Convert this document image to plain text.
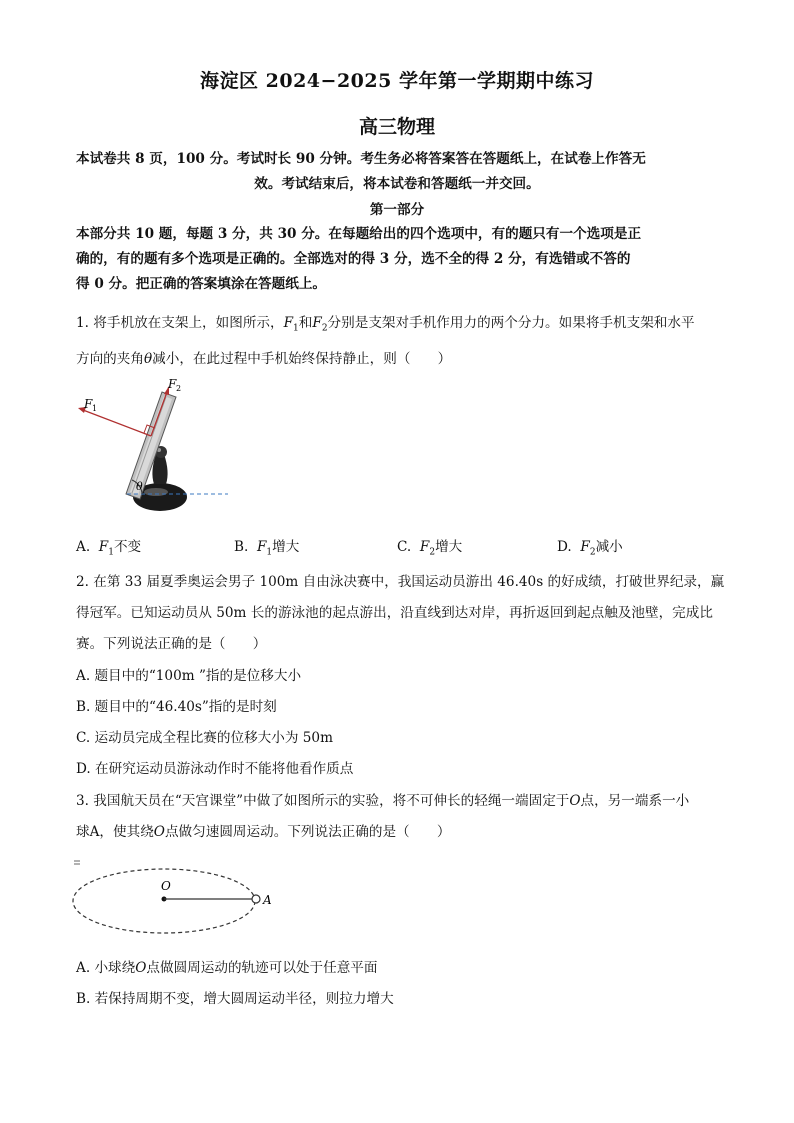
海淀区 2024−2025 学年第一学期期中练习
高三物理
本试卷共 8 页，100 分。考试时长 90 分钟。考生务必将答案答在答题纸上，在试卷上作答无
效。考试结束后，将本试卷和答题纸一并交回。
第一部分
本部分共 10 题，每题 3 分，共 30 分。在每题给出的四个选项中，有的题只有一个选项是正
确的，有的题有多个选项是正确的。全部选对的得 3 分，选不全的得 2 分，有选错或不答的
得 0 分。把正确的答案填涂在答题纸上。
1. 将手机放在支架上，如图所示，$F_1$和$F_2$分别是支架对手机作用力的两个分力。如果将手机支架和水平
方向的夹角θ减小，在此过程中手机始终保持静止，则（　　）
θ
F 2
F 1
A. $F_1$不变	B. $F_1$增大	C. $F_2$增大	D. $F_2$减小
2. 在第 33 届夏季奥运会男子 100m 自由泳决赛中，我国运动员游出 46.40s 的好成绩，打破世界纪录，赢
得冠军。已知运动员从 50m 长的游泳池的起点游出，沿直线到达对岸，再折返回到起点触及池壁，完成比
赛。下列说法正确的是（　　）
A. 题目中的“100m ”指的是位移大小
B. 题目中的“46.40s”指的是时刻
C. 运动员完成全程比赛的位移大小为 50m
D. 在研究运动员游泳动作时不能将他看作质点
3. 我国航天员在“天宫课堂”中做了如图所示的实验，将不可伸长的轻绳一端固定于O点，另一端系一小
球A，使其绕O点做匀速圆周运动。下列说法正确的是（　　）
O
A
A. 小球绕O点做圆周运动的轨迹可以处于任意平面
B. 若保持周期不变，增大圆周运动半径，则拉力增大
